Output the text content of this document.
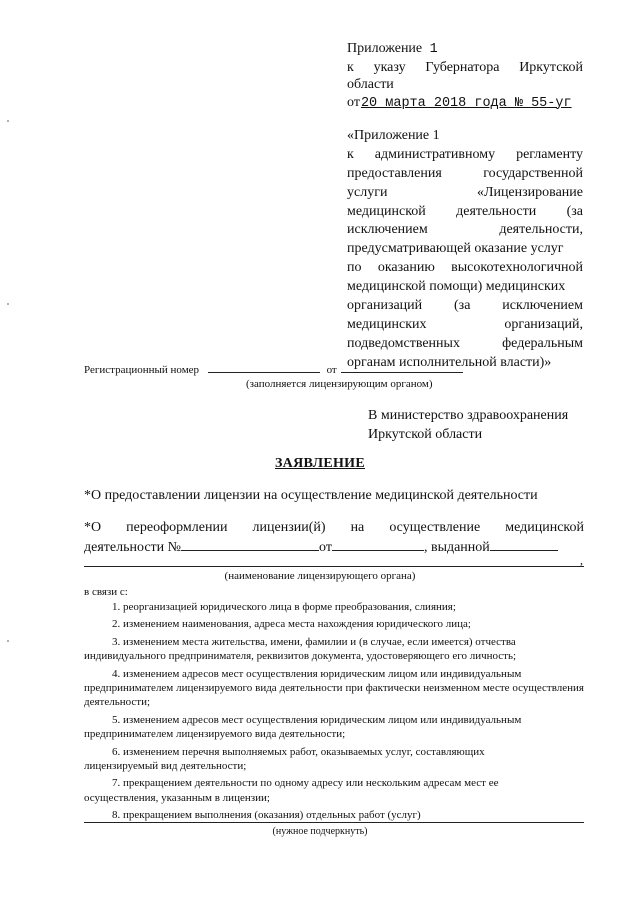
Приложение 1
к указу Губернатора Иркутской
области
от20 марта 2018 года № 55-уг
«Приложение 1
к административному регламенту
предоставления	государственной
услуги	«Лицензирование
медицинской деятельности (за
исключением	деятельности,
предусматривающей оказание услуг
по оказанию высокотехнологичной
медицинской помощи) медицинских
организаций (за исключением
медицинских	организаций,
подведомственных	федеральным
органам исполнительной власти)»
Регистрационный номер	от
(заполняется лицензирующим органом)
В министерство здравоохранения
Иркутской области
ЗАЯВЛЕНИЕ
*О предоставлении лицензии на осуществление медицинской деятельности
*О переоформлении лицензии(й) на осуществление медицинской
деятельности №	от	, выданной
,
(наименование лицензирующего органа)
в связи с:
1. реорганизацией юридического лица в форме преобразования, слияния;
2. изменением наименования, адреса места нахождения юридического лица;
3. изменением места жительства, имени, фамилии и (в случае, если имеется) отчества
индивидуального предпринимателя, реквизитов документа, удостоверяющего его личность;
4. изменением адресов мест осуществления юридическим лицом или индивидуальным
предпринимателем лицензируемого вида деятельности при фактически неизменном месте осуществления деятельности;
5. изменением адресов мест осуществления юридическим лицом или индивидуальным
предпринимателем лицензируемого вида деятельности;
6. изменением перечня выполняемых работ, оказываемых услуг, составляющих
лицензируемый вид деятельности;
7. прекращением деятельности по одному адресу или нескольким адресам мест ее
осуществления, указанным в лицензии;
8. прекращением выполнения (оказания) отдельных работ (услуг)
(нужное подчеркнуть)
